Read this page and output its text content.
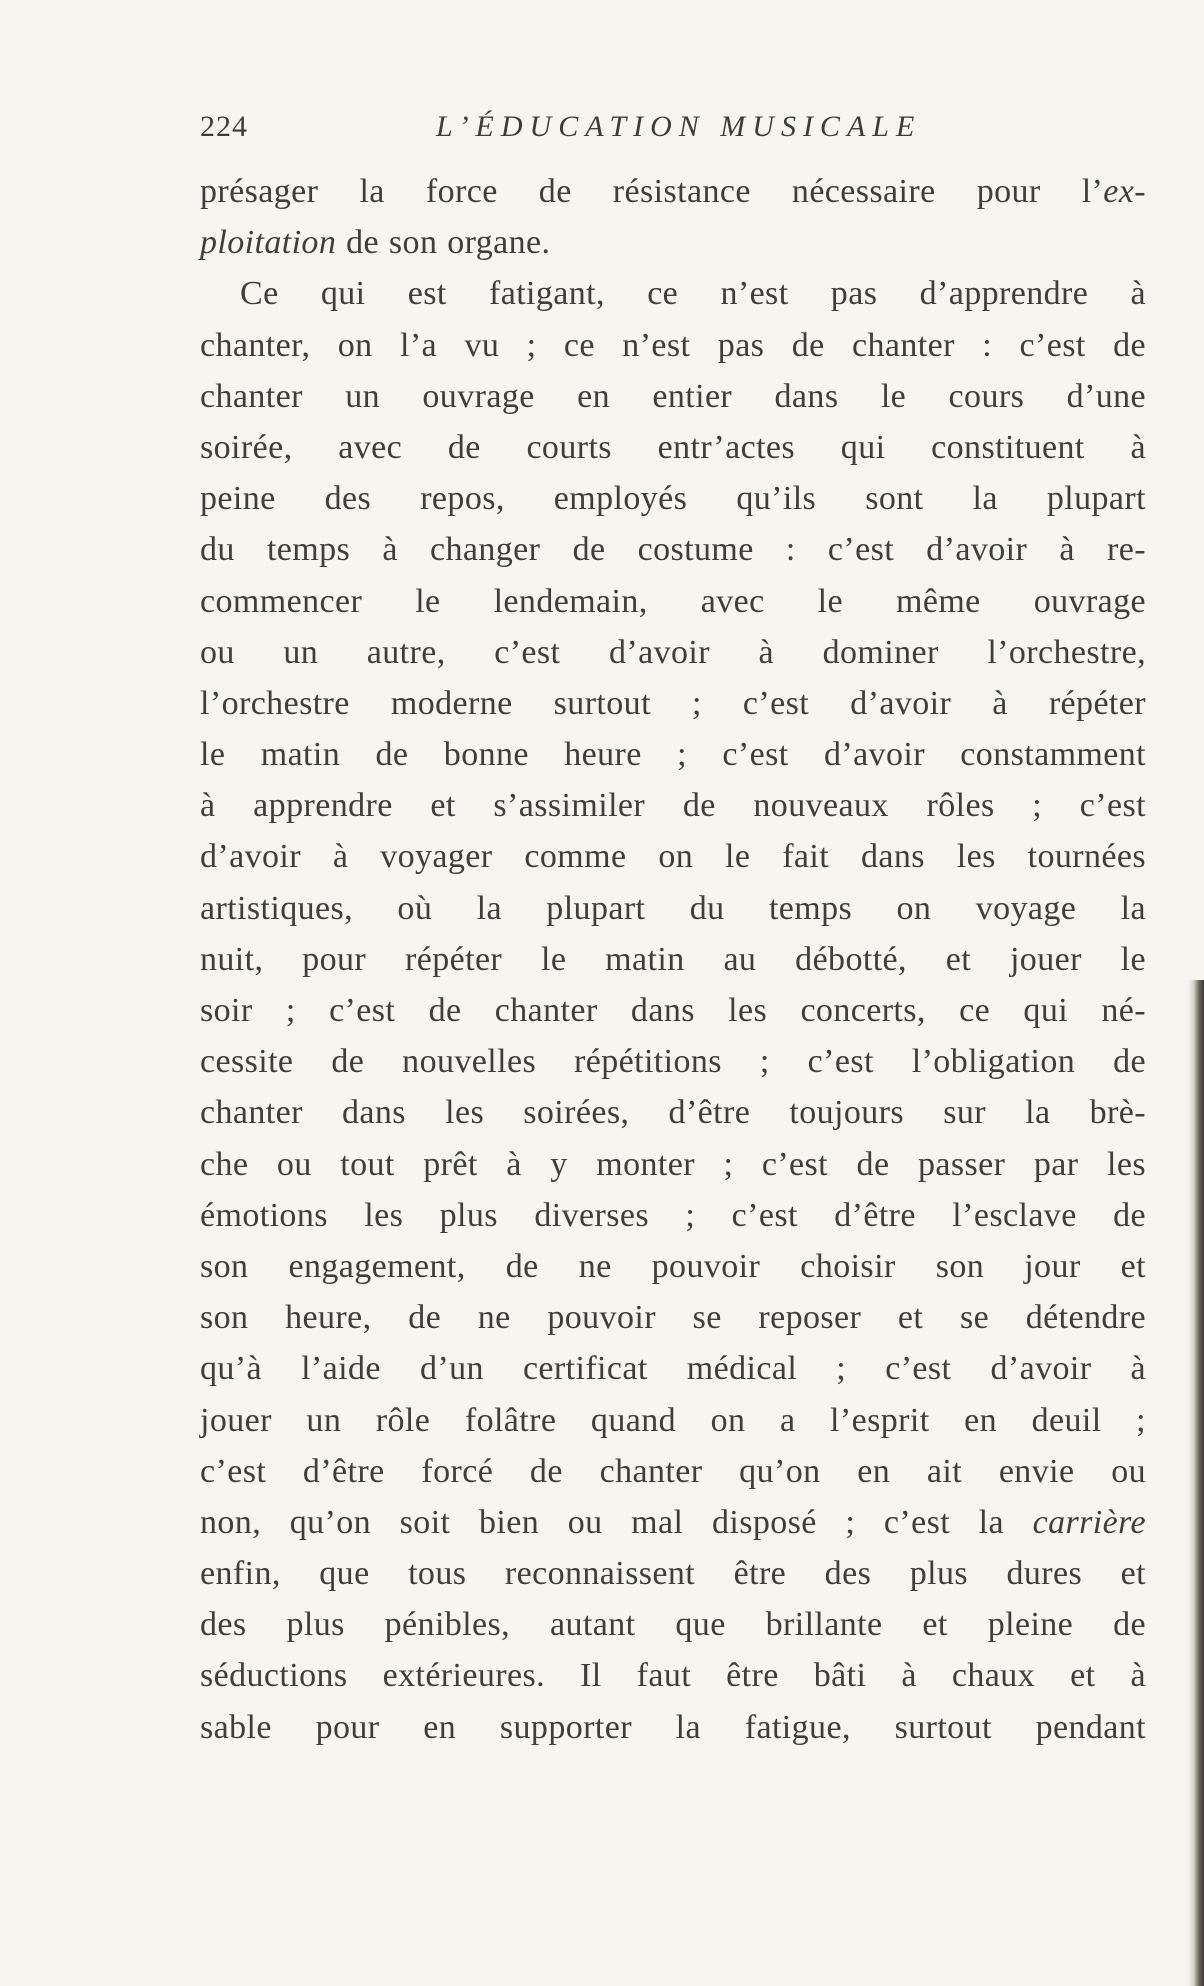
224	L’ÉDUCATION MUSICALE
présager la force de résistance nécessaire pour l’ex-
ploitation de son organe.
Ce qui est fatigant, ce n’est pas d’apprendre à
chanter, on l’a vu ; ce n’est pas de chanter : c’est de
chanter un ouvrage en entier dans le cours d’une
soirée, avec de courts entr’actes qui constituent à
peine des repos, employés qu’ils sont la plupart
du temps à changer de costume : c’est d’avoir à re-
commencer le lendemain, avec le même ouvrage
ou un autre, c’est d’avoir à dominer l’orchestre,
l’orchestre moderne surtout ; c’est d’avoir à répéter
le matin de bonne heure ; c’est d’avoir constamment
à apprendre et s’assimiler de nouveaux rôles ; c’est
d’avoir à voyager comme on le fait dans les tournées
artistiques, où la plupart du temps on voyage la
nuit, pour répéter le matin au débotté, et jouer le
soir ; c’est de chanter dans les concerts, ce qui né-
cessite de nouvelles répétitions ; c’est l’obligation de
chanter dans les soirées, d’être toujours sur la brè-
che ou tout prêt à y monter ; c’est de passer par les
émotions les plus diverses ; c’est d’être l’esclave de
son engagement, de ne pouvoir choisir son jour et
son heure, de ne pouvoir se reposer et se détendre
qu’à l’aide d’un certificat médical ; c’est d’avoir à
jouer un rôle folâtre quand on a l’esprit en deuil ;
c’est d’être forcé de chanter qu’on en ait envie ou
non, qu’on soit bien ou mal disposé ; c’est la carrière
enfin, que tous reconnaissent être des plus dures et
des plus pénibles, autant que brillante et pleine de
séductions extérieures. Il faut être bâti à chaux et à
sable pour en supporter la fatigue, surtout pendant
